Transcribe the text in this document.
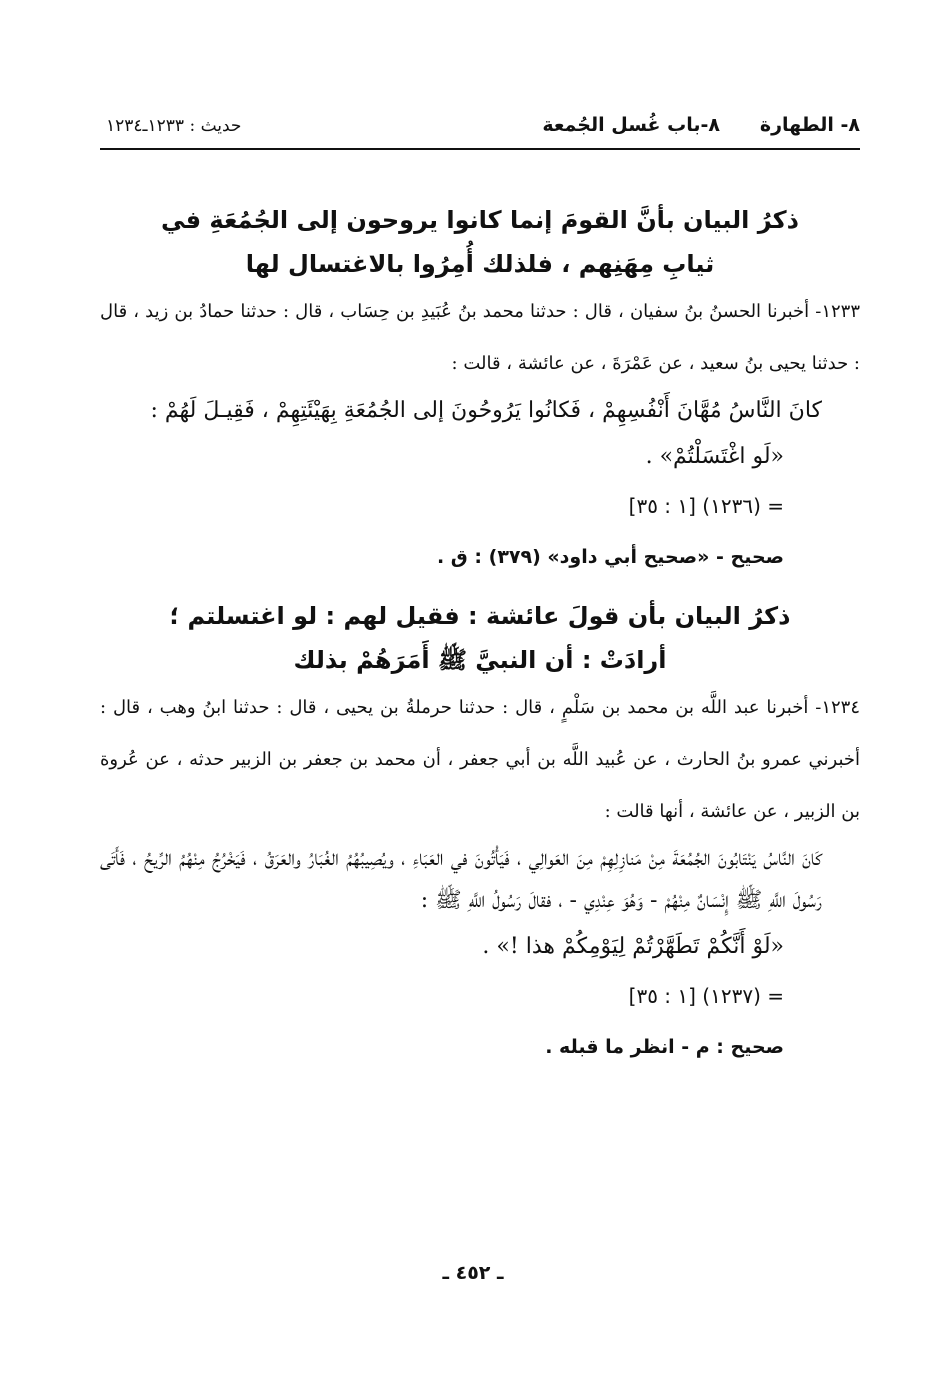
٨- الطهارة
٨-باب غُسل الجُمعة
حديث : ١٢٣٣ـ١٢٣٤
ذكرُ البيان بأنَّ القومَ إنما كانوا يروحون إلى الجُمُعَةِ في
ثيابِ مِهَنِهم ، فلذلك أُمِرُوا بالاغتسال لها

١٢٣٣- أخبرنا الحسنُ بنُ سفيان ، قال : حدثنا محمد بنُ عُبَيدِ بن حِسَاب ، قال : حدثنا حمادُ بن زيد ، قال : حدثنا يحيى بنُ سعيد ، عن عَمْرَةَ ، عن عائشة ، قالت :

كانَ النَّاسُ مُهَّانَ أَنْفُسِهِمْ ، فَكانُوا يَرُوحُونَ إلى الجُمُعَةِ بِهَيْئَتِهِمْ ، فَقِيـلَ لَهُمْ :

«لَو اغْتَسَلْتُمْ» .

= (١٢٣٦) [١ : ٣٥]

صحيح - «صحيح أبي داود» (٣٧٩) : ق .

ذكرُ البيان بأن قولَ عائشة : فقيل لهم : لو اغتسلتم ؛
أرادَتْ : أن النبيَّ ﷺ أَمَرَهُمْ بذلك

١٢٣٤- أخبرنا عبد اللَّه بن محمد بن سَلْمٍ ، قال : حدثنا حرملةُ بن يحيى ، قال : حدثنا ابنُ وهب ، قال : أخبرني عمرو بنُ الحارث ، عن عُبيد اللَّه بن أبي جعفر ، أن محمد بن جعفر بن الزبير حدثه ، عن عُروة بن الزبير ، عن عائشة ، أنها قالت :

كَانَ النَّاسُ يَنْتَابُونَ الجُمُعَةَ مِنْ مَنازِلِهِمْ مِنَ العَوالِي ، فَيَأْتُونَ في العَبَاءِ ، ويُصِيبُهُمُ الغُبَارُ والعَرَقُ ، فَيَخْرُجُ مِنْهُمُ الرِّيحُ ، فَأَتَى رَسُولَ اللَّهِ ﷺ إِنْسَانٌ مِنْهُمْ - وَهُوَ عِنْدِي - ، فقالَ رَسُولُ اللَّهِ ﷺ :

«لَوْ أَنَّكُمْ تَطَهَّرْتُمْ لِيَوْمِكُمْ هذا !» .

= (١٢٣٧) [١ : ٣٥]

صحيح : م - انظر ما قبله .

ـ ٤٥٢ ـ
